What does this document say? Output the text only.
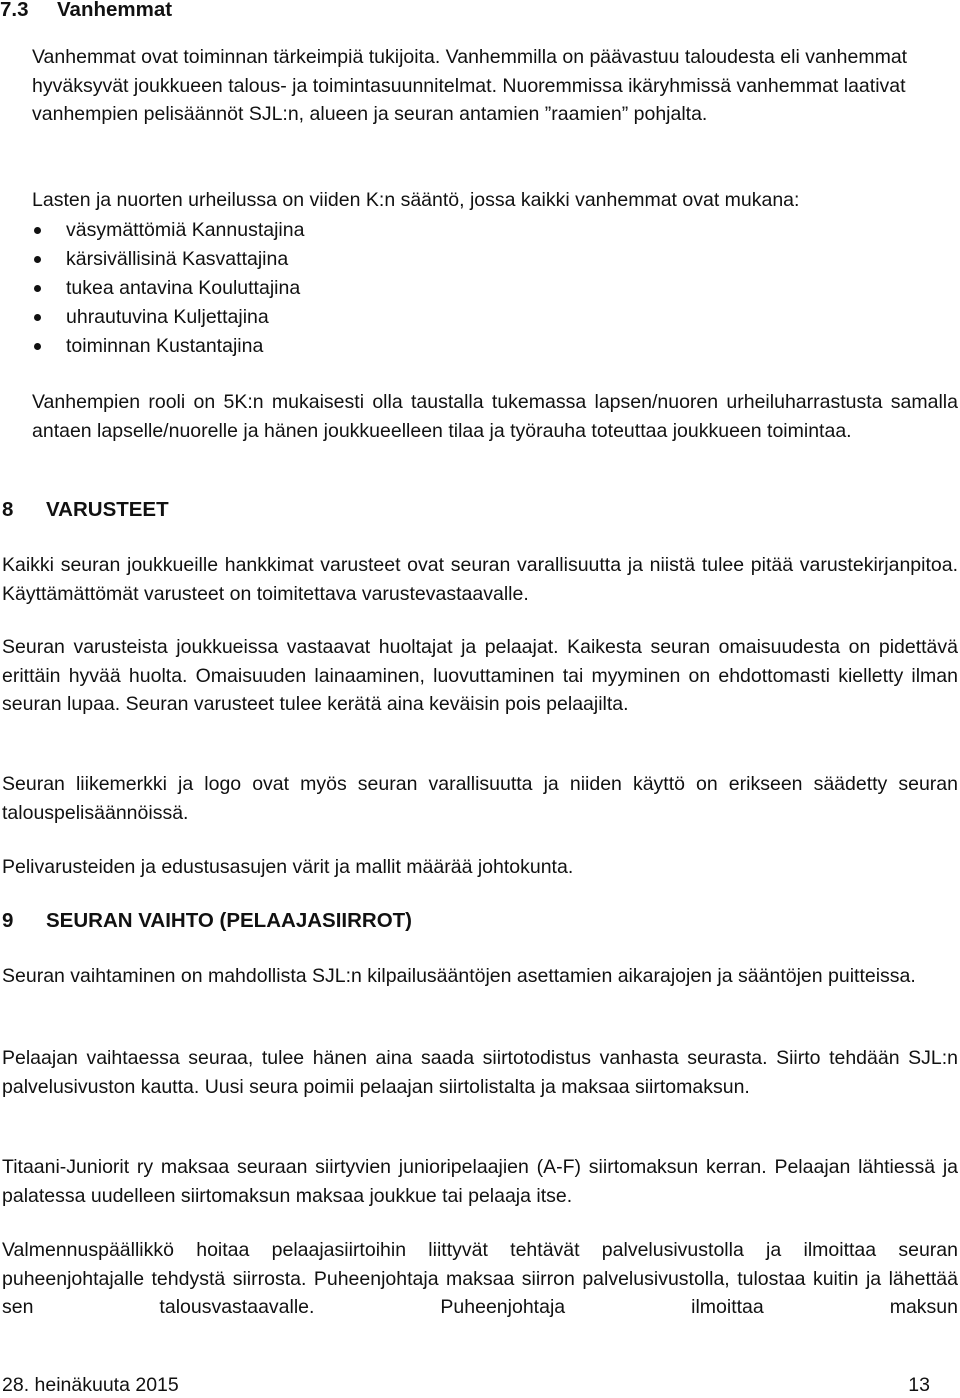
7.3 Vanhemmat

Vanhemmat ovat toiminnan tärkeimpiä tukijoita. Vanhemmilla on päävastuu taloudesta eli vanhemmat hyväksyvät joukkueen talous- ja toimintasuunnitelmat. Nuoremmissa ikäryhmissä vanhemmat laativat vanhempien pelisäännöt SJL:n, alueen ja seuran antamien ”raamien” pohjalta.

Lasten ja nuorten urheilussa on viiden K:n sääntö, jossa kaikki vanhemmat ovat mukana:

väsymättömiä Kannustajina
kärsivällisinä Kasvattajina
tukea antavina Kouluttajina
uhrautuvina Kuljettajina
toiminnan Kustantajina

Vanhempien rooli on 5K:n mukaisesti olla taustalla tukemassa lapsen/nuoren urheiluharrastusta samalla antaen lapselle/nuorelle ja hänen joukkueelleen tilaa ja työrauha toteuttaa joukkueen toimintaa.

8 VARUSTEET

Kaikki seuran joukkueille hankkimat varusteet ovat seuran varallisuutta ja niistä tulee pitää varustekirjanpitoa. Käyttämättömät varusteet on toimitettava varustevastaavalle.

Seuran varusteista joukkueissa vastaavat huoltajat ja pelaajat. Kaikesta seuran omaisuudesta on pidettävä erittäin hyvää huolta. Omaisuuden lainaaminen, luovuttaminen tai myyminen on ehdottomasti kielletty ilman seuran lupaa. Seuran varusteet tulee kerätä aina keväisin pois pelaajilta.

Seuran liikemerkki ja logo ovat myös seuran varallisuutta ja niiden käyttö on erikseen säädetty seuran talouspelisäännöissä.

Pelivarusteiden ja edustusasujen värit ja mallit määrää johtokunta.

9 SEURAN VAIHTO (PELAAJASIIRROT)

Seuran vaihtaminen on mahdollista SJL:n kilpailusääntöjen asettamien aikarajojen ja sääntöjen puitteissa.

Pelaajan vaihtaessa seuraa, tulee hänen aina saada siirtotodistus vanhasta seurasta. Siirto tehdään SJL:n palvelusivuston kautta. Uusi seura poimii pelaajan siirtolistalta ja maksaa siirtomaksun.

Titaani-Juniorit ry maksaa seuraan siirtyvien junioripelaajien (A-F) siirtomaksun kerran. Pelaajan lähtiessä ja palatessa uudelleen siirtomaksun maksaa joukkue tai pelaaja itse.

Valmennuspäällikkö hoitaa pelaajasiirtoihin liittyvät tehtävät palvelusivustolla ja ilmoittaa seuran puheenjohtajalle tehdystä siirrosta. Puheenjohtaja maksaa siirron palvelusivustolla, tulostaa kuitin ja lähettää sen talousvastaavalle. Puheenjohtaja ilmoittaa maksun

28. heinäkuuta 2015	13
